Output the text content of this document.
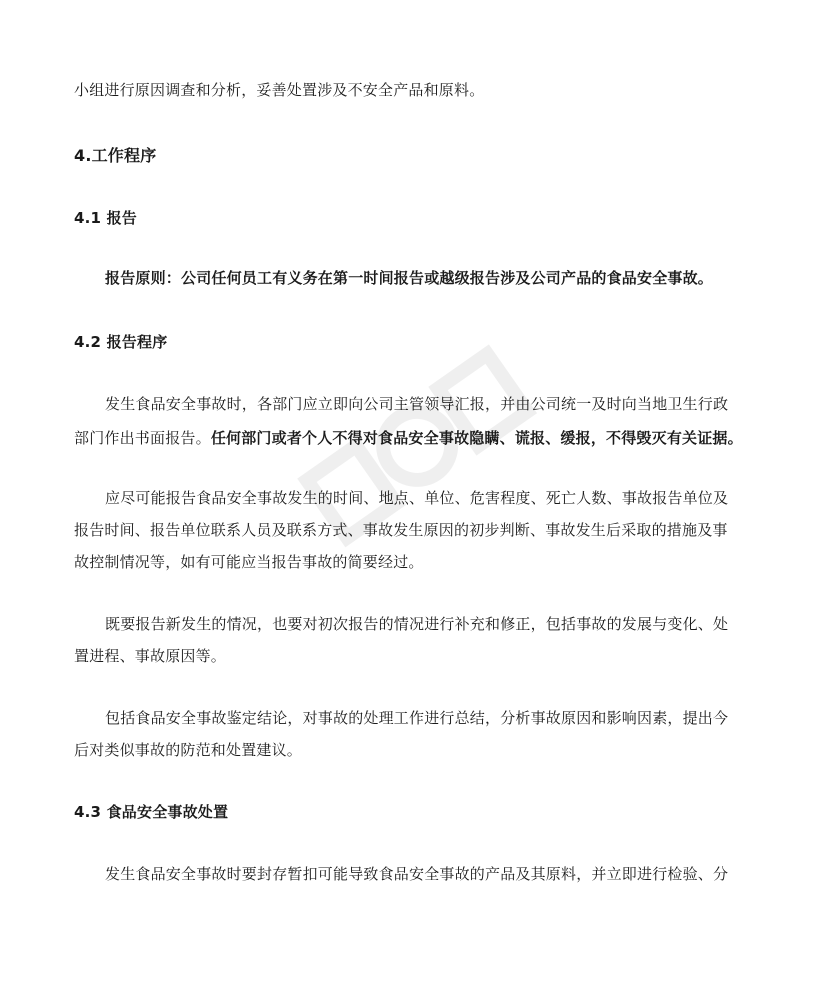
小组进行原因调查和分析，妥善处置涉及不安全产品和原料。
4.工作程序
4.1 报告
报告原则：公司任何员工有义务在第一时间报告或越级报告涉及公司产品的食品安全事故。
4.2 报告程序
发生食品安全事故时，各部门应立即向公司主管领导汇报，并由公司统一及时向当地卫生行政
部门作出书面报告。任何部门或者个人不得对食品安全事故隐瞒、谎报、缓报，不得毁灭有关证据。
应尽可能报告食品安全事故发生的时间、地点、单位、危害程度、死亡人数、事故报告单位及
报告时间、报告单位联系人员及联系方式、事故发生原因的初步判断、事故发生后采取的措施及事
故控制情况等，如有可能应当报告事故的简要经过。
既要报告新发生的情况，也要对初次报告的情况进行补充和修正，包括事故的发展与变化、处
置进程、事故原因等。
包括食品安全事故鉴定结论，对事故的处理工作进行总结，分析事故原因和影响因素，提出今
后对类似事故的防范和处置建议。
4.3 食品安全事故处置
发生食品安全事故时要封存暂扣可能导致食品安全事故的产品及其原料，并立即进行检验、分
